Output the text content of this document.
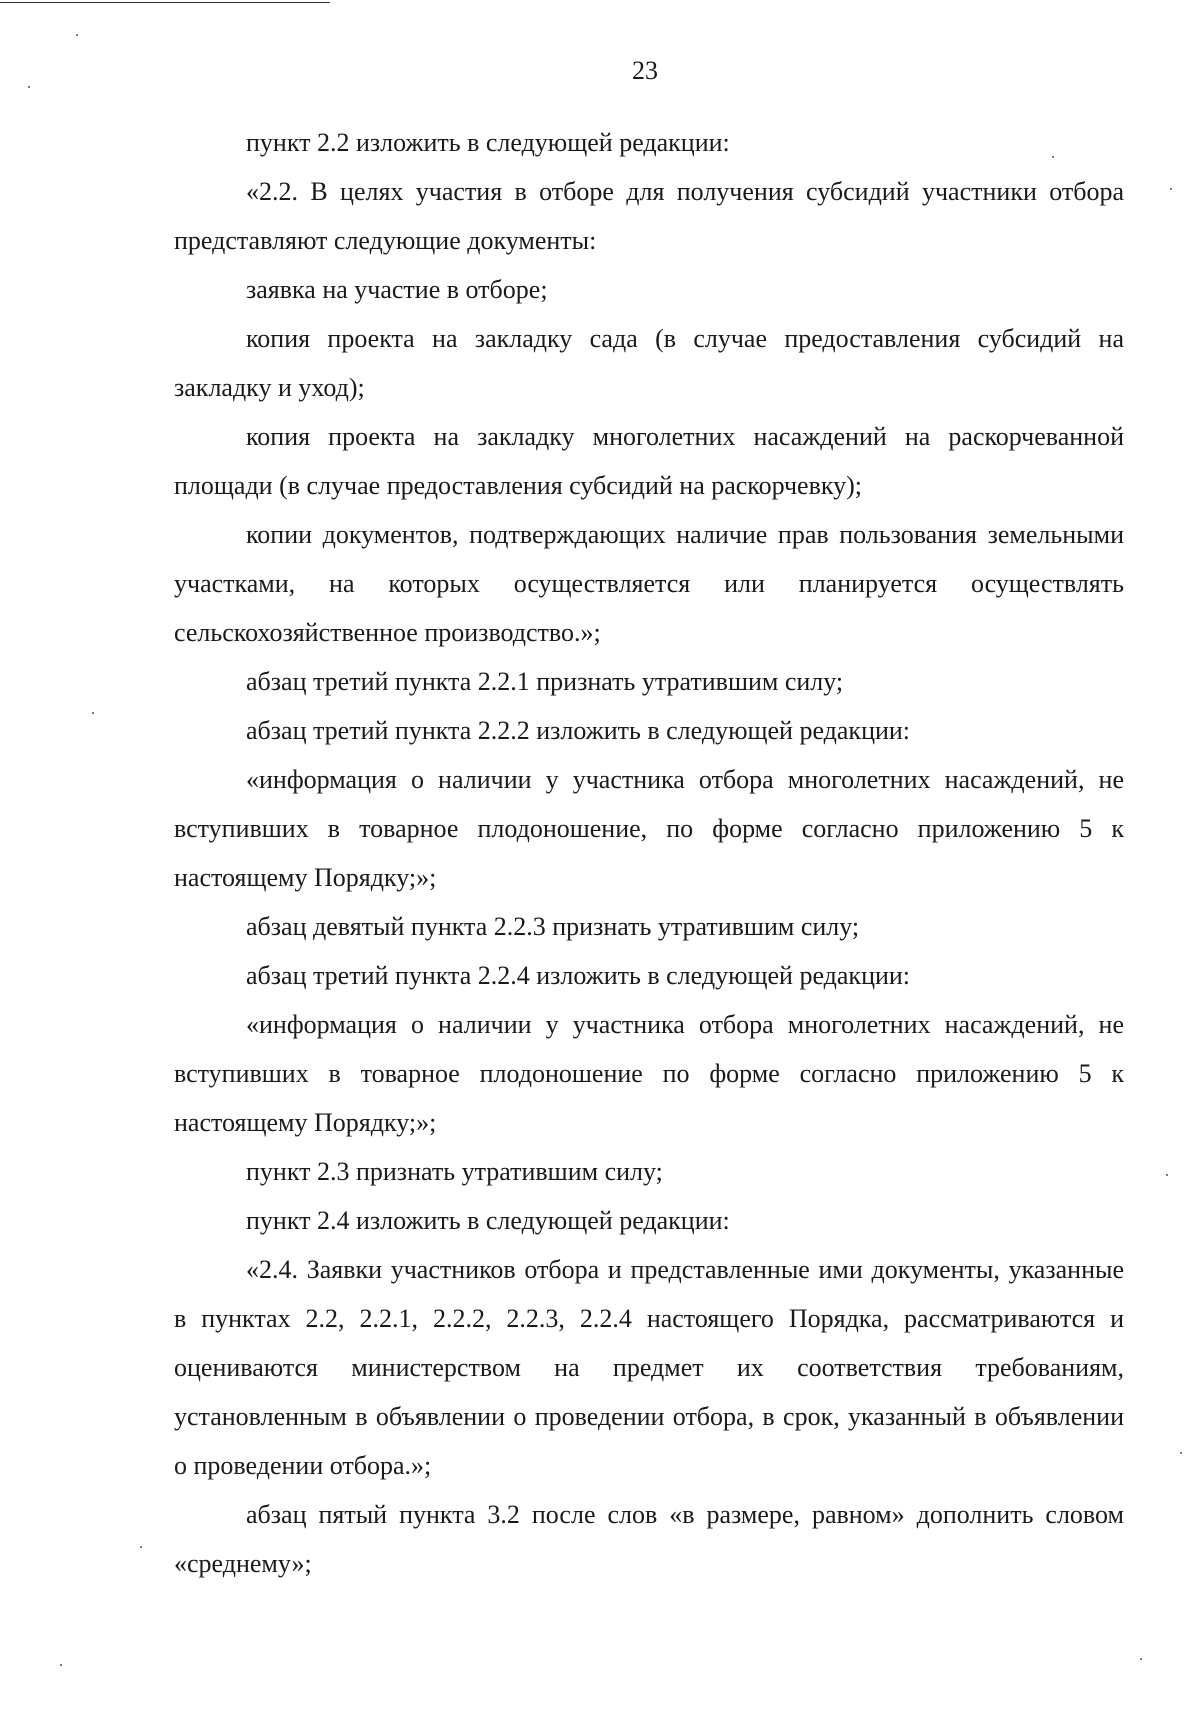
23

пункт 2.2 изложить в следующей редакции:

«2.2. В целях участия в отборе для получения субсидий участники отбора представляют следующие документы:

заявка на участие в отборе;

копия проекта на закладку сада (в случае предоставления субсидий на закладку и уход);

копия проекта на закладку многолетних насаждений на раскорчеванной площади (в случае предоставления субсидий на раскорчевку);

копии документов, подтверждающих наличие прав пользования земельными участками, на которых осуществляется или планируется осуществлять сельскохозяйственное производство.»;

абзац третий пункта 2.2.1 признать утратившим силу;

абзац третий пункта 2.2.2 изложить в следующей редакции:

«информация о наличии у участника отбора многолетних насаждений, не вступивших в товарное плодоношение, по форме согласно приложению 5 к настоящему Порядку;»;

абзац девятый пункта 2.2.3 признать утратившим силу;

абзац третий пункта 2.2.4 изложить в следующей редакции:

«информация о наличии у участника отбора многолетних насаждений, не вступивших в товарное плодоношение по форме согласно приложению 5 к настоящему Порядку;»;

пункт 2.3 признать утратившим силу;

пункт 2.4 изложить в следующей редакции:

«2.4. Заявки участников отбора и представленные ими документы, указанные в пунктах 2.2, 2.2.1, 2.2.2, 2.2.3, 2.2.4 настоящего Порядка, рассматриваются и оцениваются министерством на предмет их соответствия требованиям, установленным в объявлении о проведении отбора, в срок, указанный в объявлении о проведении отбора.»;

абзац пятый пункта 3.2 после слов «в размере, равном» дополнить словом «среднему»;
